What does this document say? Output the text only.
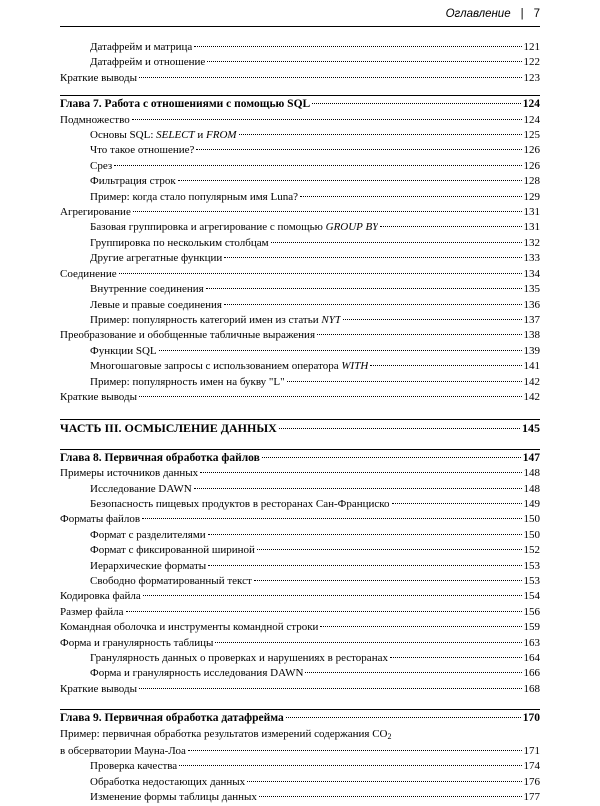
Оглавление | 7
Датафрейм и матрица	121
Датафрейм и отношение	122
Краткие выводы	123
Глава 7. Работа с отношениями с помощью SQL	124
Подмножество	124
Основы SQL: SELECT и FROM	125
Что такое отношение?	126
Срез	126
Фильтрация строк	128
Пример: когда стало популярным имя Luna?	129
Агрегирование	131
Базовая группировка и агрегирование с помощью GROUP BY	131
Группировка по нескольким столбцам	132
Другие агрегатные функции	133
Соединение	134
Внутренние соединения	135
Левые и правые соединения	136
Пример: популярность категорий имен из статьи NYT	137
Преобразование и обобщенные табличные выражения	138
Функции SQL	139
Многошаговые запросы с использованием оператора WITH	141
Пример: популярность имен на букву "L"	142
Краткие выводы	142
ЧАСТЬ III. ОСМЫСЛЕНИЕ ДАННЫХ	145
Глава 8. Первичная обработка файлов	147
Примеры источников данных	148
Исследование DAWN	148
Безопасность пищевых продуктов в ресторанах Сан-Франциско	149
Форматы файлов	150
Формат с разделителями	150
Формат с фиксированной шириной	152
Иерархические форматы	153
Свободно форматированный текст	153
Кодировка файла	154
Размер файла	156
Командная оболочка и инструменты командной строки	159
Форма и гранулярность таблицы	163
Гранулярность данных о проверках и нарушениях в ресторанах	164
Форма и гранулярность исследования DAWN	166
Краткие выводы	168
Глава 9. Первичная обработка датафрейма	170
Пример: первичная обработка результатов измерений содержания $CO_2$
в обсерватории Мауна-Лоа	171
Проверка качества	174
Обработка недостающих данных	176
Изменение формы таблицы данных	177
